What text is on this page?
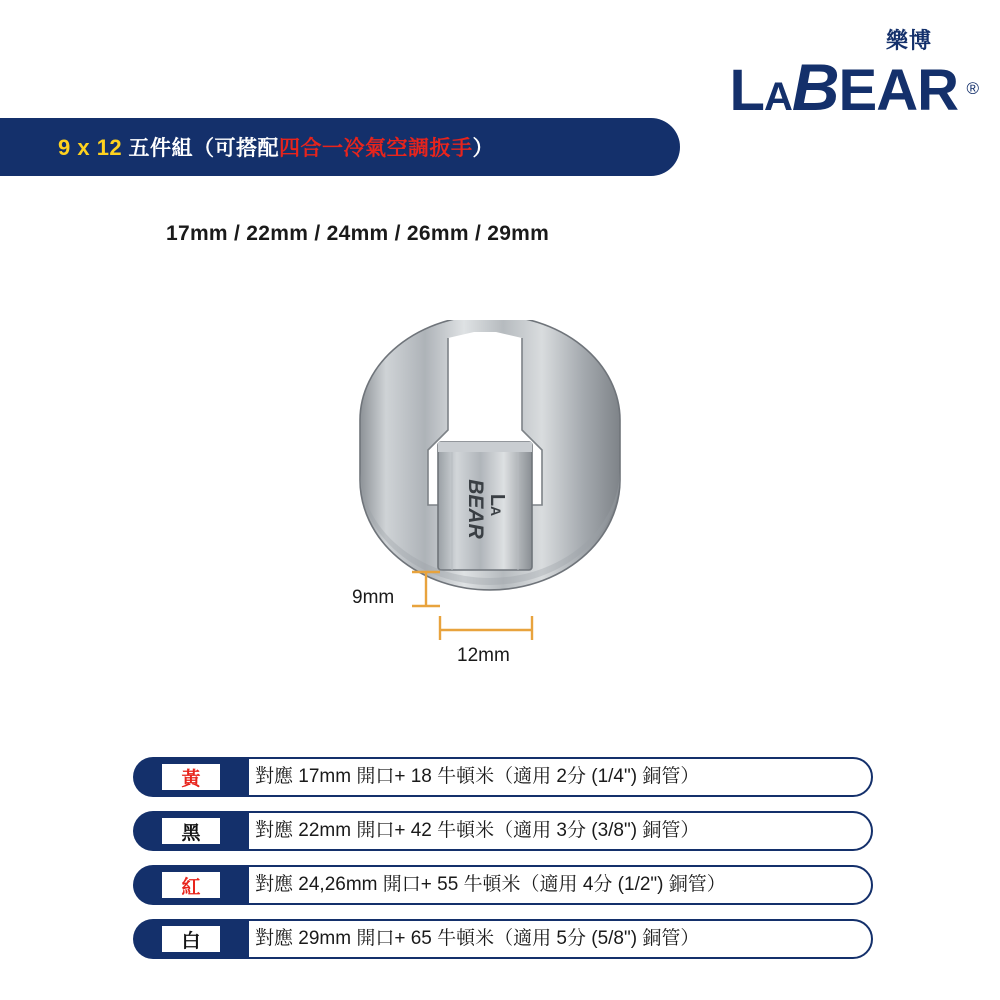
樂博
LABEAR ®
9 x 12 五件組（可搭配四合一冷氣空調扳手）
17mm / 22mm / 24mm / 26mm / 29mm
LA
BEAR
9mm
12mm
黃	對應 17mm 開口+ 18 牛頓米（適用 2分 (1/4") 銅管）
黑	對應 22mm 開口+ 42 牛頓米（適用 3分 (3/8") 銅管）
紅	對應 24,26mm 開口+ 55 牛頓米（適用 4分 (1/2") 銅管）
白	對應 29mm 開口+ 65 牛頓米（適用 5分 (5/8") 銅管）
